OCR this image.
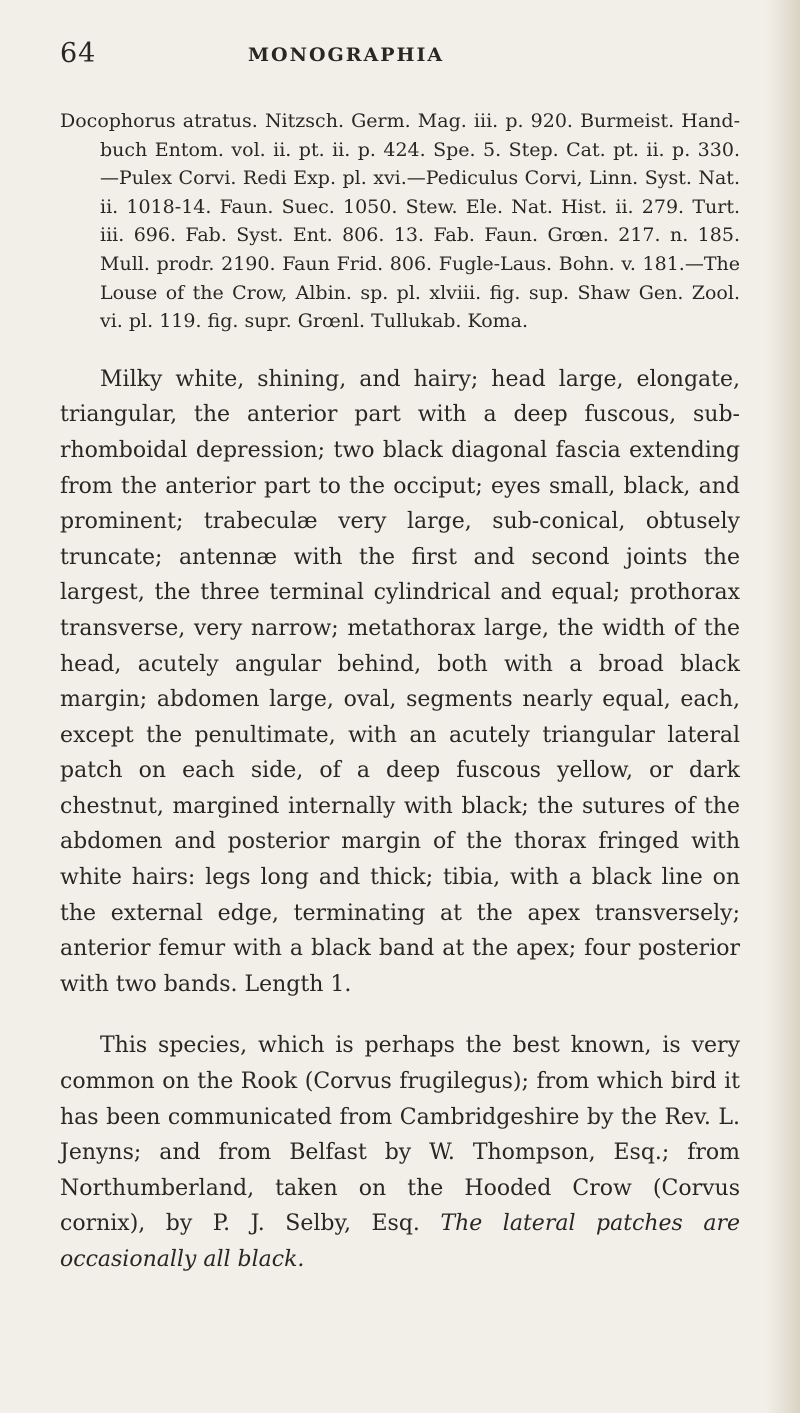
64	MONOGRAPHIA

Docophorus atratus. Nitzsch. Germ. Mag. iii. p. 920. Burmeist. Hand-buch Entom. vol. ii. pt. ii. p. 424. Spe. 5. Step. Cat. pt. ii. p. 330. —Pulex Corvi. Redi Exp. pl. xvi.—Pediculus Corvi, Linn. Syst. Nat. ii. 1018-14. Faun. Suec. 1050. Stew. Ele. Nat. Hist. ii. 279. Turt. iii. 696. Fab. Syst. Ent. 806. 13. Fab. Faun. Grœn. 217. n. 185. Mull. prodr. 2190. Faun Frid. 806. Fugle-Laus. Bohn. v. 181.—The Louse of the Crow, Albin. sp. pl. xlviii. fig. sup. Shaw Gen. Zool. vi. pl. 119. fig. supr. Grœnl. Tullukab. Koma.

Milky white, shining, and hairy; head large, elongate, triangular, the anterior part with a deep fuscous, sub-rhomboidal depression; two black diagonal fascia extending from the anterior part to the occiput; eyes small, black, and prominent; trabeculæ very large, sub-conical, obtusely truncate; antennæ with the first and second joints the largest, the three terminal cylindrical and equal; prothorax transverse, very narrow; metathorax large, the width of the head, acutely angular behind, both with a broad black margin; abdomen large, oval, segments nearly equal, each, except the penultimate, with an acutely triangular lateral patch on each side, of a deep fuscous yellow, or dark chestnut, margined internally with black; the sutures of the abdomen and posterior margin of the thorax fringed with white hairs: legs long and thick; tibia, with a black line on the external edge, terminating at the apex transversely; anterior femur with a black band at the apex; four posterior with two bands. Length 1.

This species, which is perhaps the best known, is very common on the Rook (Corvus frugilegus); from which bird it has been communicated from Cambridgeshire by the Rev. L. Jenyns; and from Belfast by W. Thompson, Esq.; from Northumberland, taken on the Hooded Crow (Corvus cornix), by P. J. Selby, Esq. The lateral patches are occasionally all black.
